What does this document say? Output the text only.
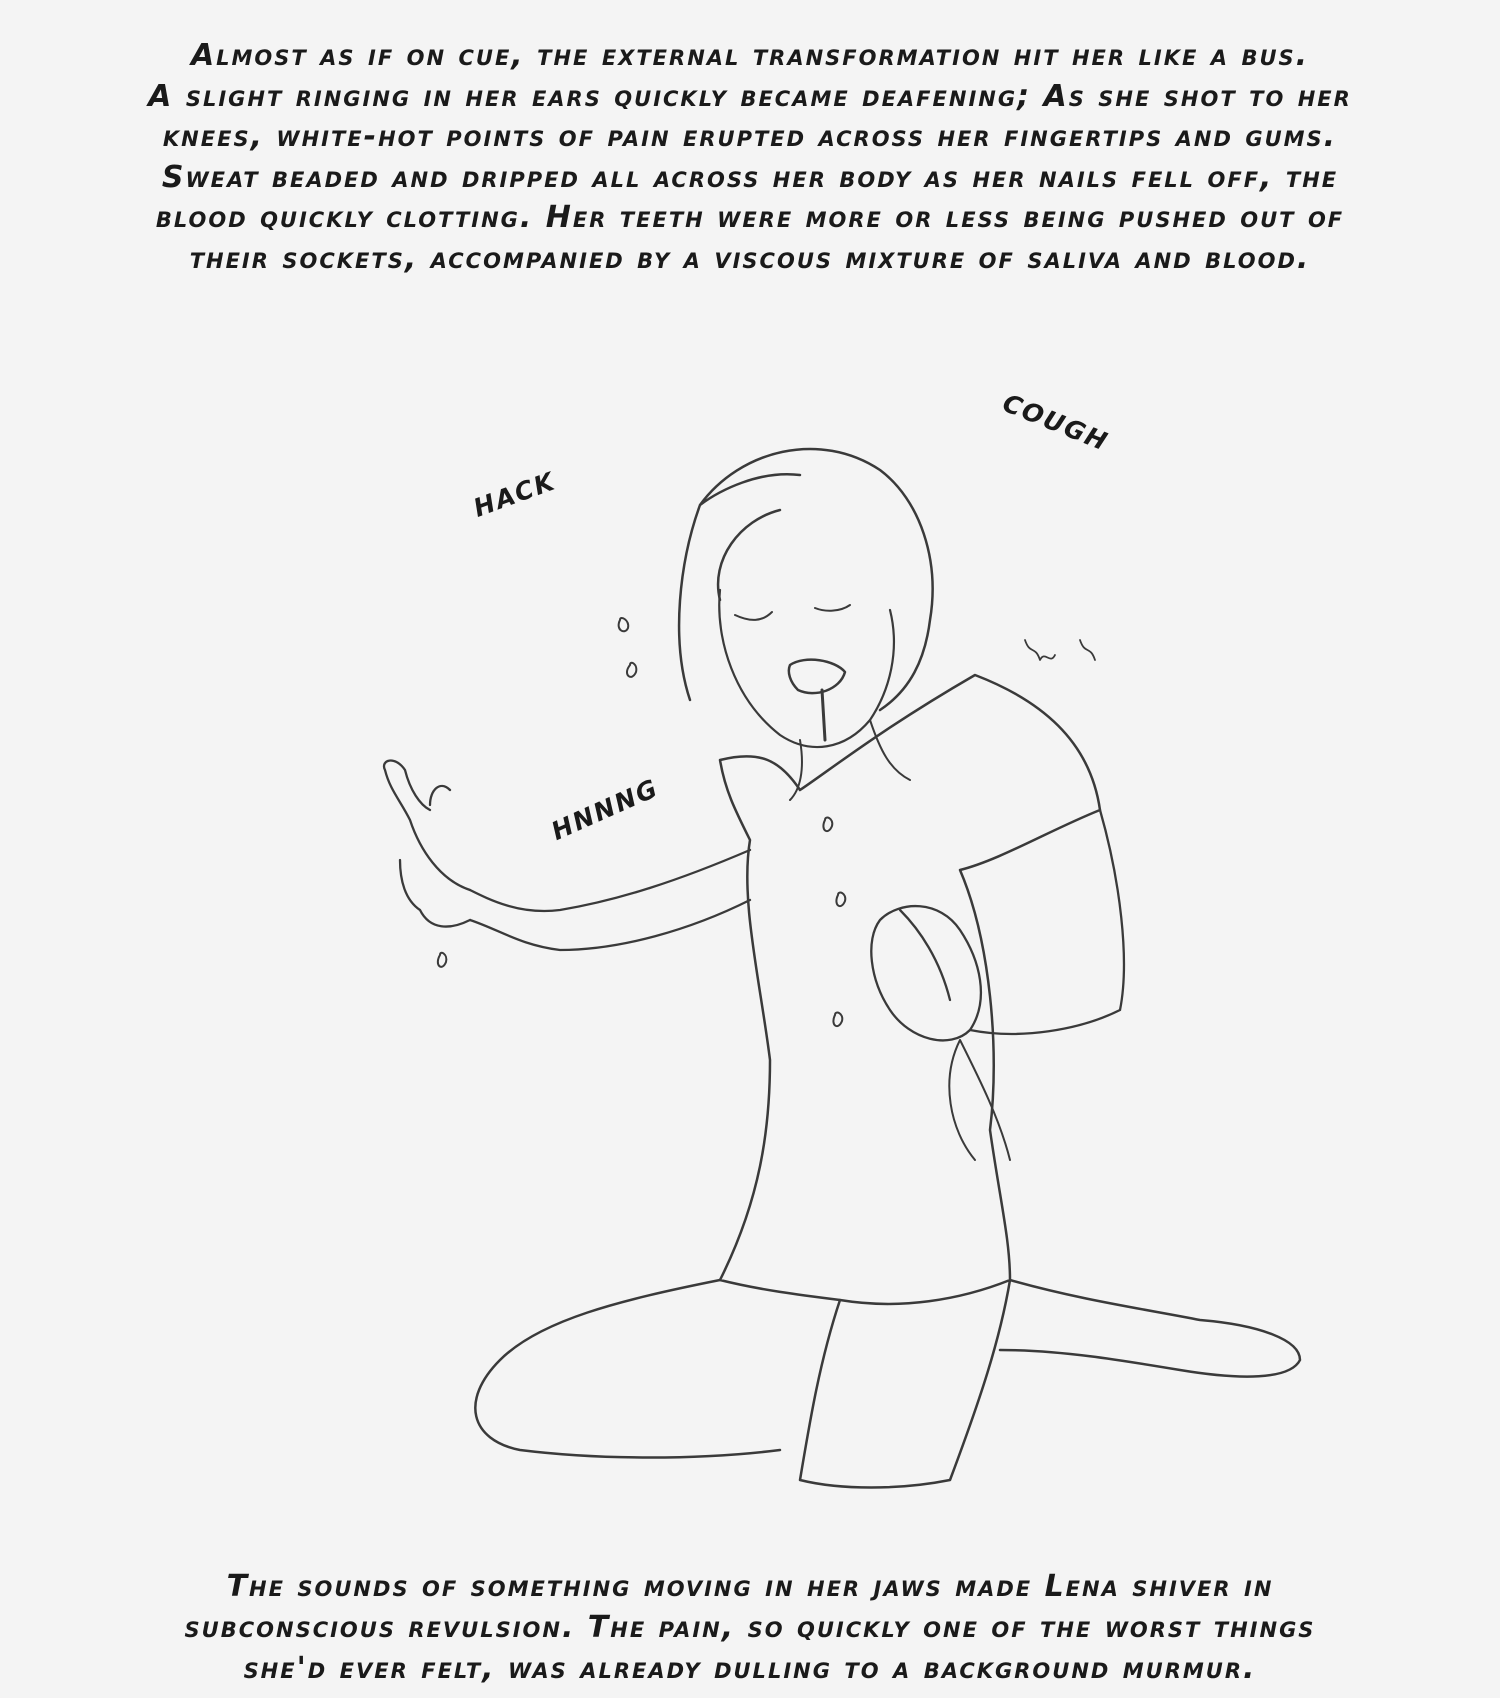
Almost as if on cue, the external transformation hit her like a bus.
A slight ringing in her ears quickly became deafening; As she shot to her
knees, white-hot points of pain erupted across her fingertips and gums.
Sweat beaded and dripped all across her body as her nails fell off, the
blood quickly clotting. Her teeth were more or less being pushed out of
their sockets, accompanied by a viscous mixture of saliva and blood.
HACK
COUGH
HNNNG
The sounds of something moving in her jaws made Lena shiver in
subconscious revulsion. The pain, so quickly one of the worst things
she'd ever felt, was already dulling to a background murmur.
